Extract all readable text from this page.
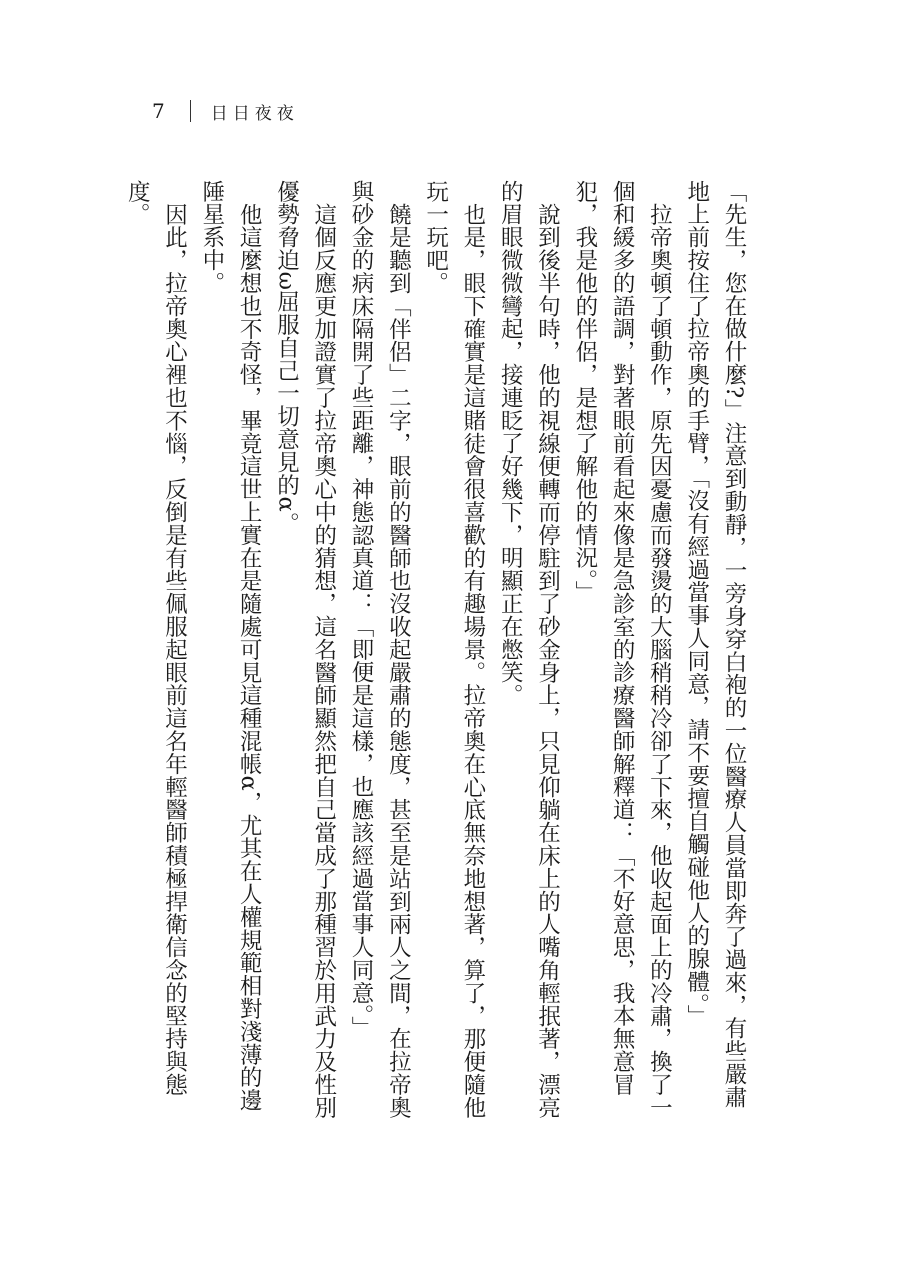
7	日日夜夜

「先生，您在做什麼?」注意到動靜，一旁身穿白袍的一位醫療人員當即奔了過來，有些嚴肅地上前按住了拉帝奧的手臂，「沒有經過當事人同意，請不要擅自觸碰他人的腺體。」

拉帝奧頓了頓動作，原先因憂慮而發燙的大腦稍稍冷卻了下來，他收起面上的冷肅，換了一個和緩多的語調，對著眼前看起來像是急診室的診療醫師解釋道：「不好意思，我本無意冒犯，我是他的伴侶，是想了解他的情況。」

說到後半句時，他的視線便轉而停駐到了砂金身上，只見仰躺在床上的人嘴角輕抿著，漂亮的眉眼微微彎起，接連眨了好幾下，明顯正在憋笑。

也是，眼下確實是這賭徒會很喜歡的有趣場景。拉帝奧在心底無奈地想著，算了，那便隨他玩一玩吧。

饒是聽到「伴侶」二字，眼前的醫師也沒收起嚴肅的態度，甚至是站到兩人之間，在拉帝奧與砂金的病床隔開了些距離，神態認真道：「即便是這樣，也應該經過當事人同意。」

這個反應更加證實了拉帝奧心中的猜想，這名醫師顯然把自己當成了那種習於用武力及性別優勢脅迫ω屈服自己一切意見的α。

他這麼想也不奇怪，畢竟這世上實在是隨處可見這種混帳α，尤其在人權規範相對淺薄的邊陲星系中。

因此，拉帝奧心裡也不惱，反倒是有些佩服起眼前這名年輕醫師積極捍衛信念的堅持與態度。
